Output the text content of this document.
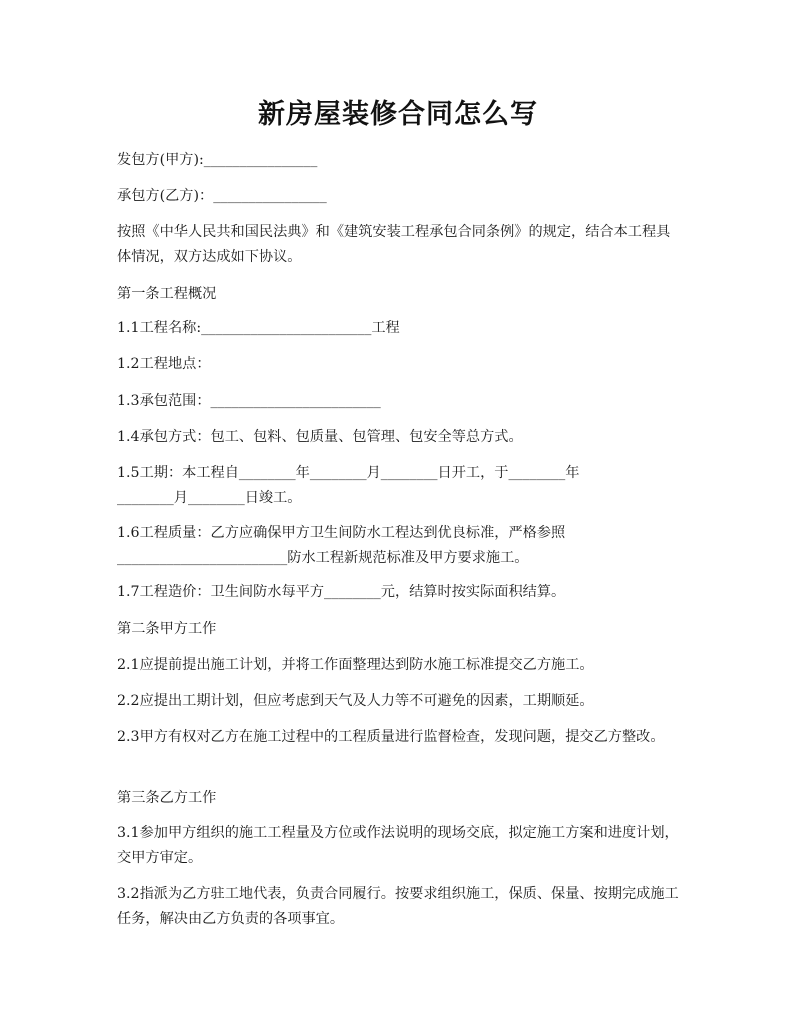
新房屋装修合同怎么写
发包方(甲方):________________
承包方(乙方)：________________
按照《中华人民共和国民法典》和《建筑安装工程承包合同条例》的规定，结合本工程具体情况，双方达成如下协议。
第一条工程概况
1.1工程名称:________________________工程
1.2工程地点：
1.3承包范围：________________________
1.4承包方式：包工、包料、包质量、包管理、包安全等总方式。
1.5工期：本工程自________年________月________日开工，于________年
________月________日竣工。
1.6工程质量：乙方应确保甲方卫生间防水工程达到优良标准，严格参照
________________________防水工程新规范标准及甲方要求施工。
1.7工程造价：卫生间防水每平方________元，结算时按实际面积结算。
第二条甲方工作
2.1应提前提出施工计划，并将工作面整理达到防水施工标准提交乙方施工。
2.2应提出工期计划，但应考虑到天气及人力等不可避免的因素，工期顺延。
2.3甲方有权对乙方在施工过程中的工程质量进行监督检查，发现问题，提交乙方整改。
第三条乙方工作
3.1参加甲方组织的施工工程量及方位或作法说明的现场交底，拟定施工方案和进度计划，交甲方审定。
3.2指派为乙方驻工地代表，负责合同履行。按要求组织施工，保质、保量、按期完成施工任务，解决由乙方负责的各项事宜。
